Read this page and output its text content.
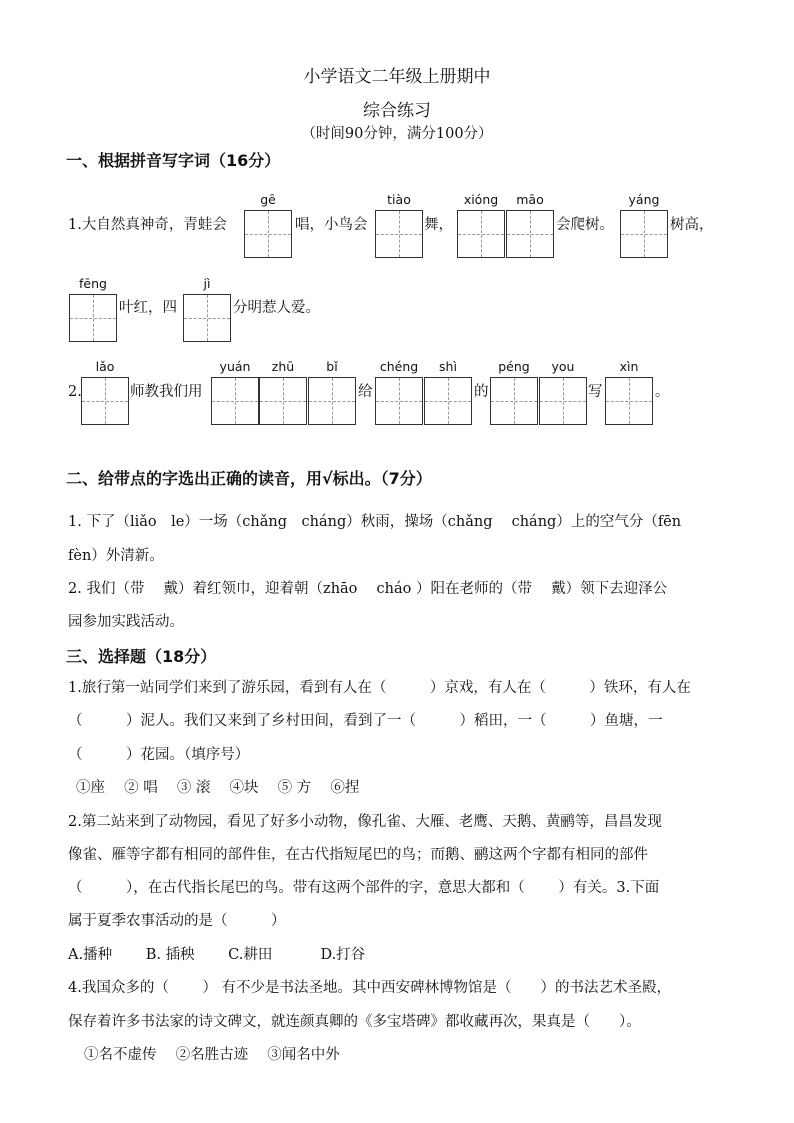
小学语文二年级上册期中
综合练习
（时间90分钟，满分100分）
一、根据拼音写字词（16分）
1.大自然真神奇，青蛙会
gē
唱，小鸟会
tiào
舞，
xióng	māo
会爬树。
yáng
树高，
fēng
叶红，四
jì
分明惹人爱。
2.
lǎo
师教我们用
yuán	zhū	bǐ
给
chéng	shì
的
péng	you
写
xìn
。
二、给带点的字选出正确的读音，用√标出。（7分）
1. 下了（liǎo　le）一场（chǎng　cháng）秋雨，操场（chǎng　 cháng）上的空气分（fēn
fèn）外清新。
2. 我们（带　 戴）着红领巾，迎着朝（zhāo　 cháo ）阳在老师的（带　 戴）领下去迎泽公
园参加实践活动。
三、选择题（18分）
1.旅行第一站同学们来到了游乐园，看到有人在（　　　）京戏，有人在（　　　）铁环，有人在
（　　　）泥人。我们又来到了乡村田间，看到了一（　　　）稻田，一（　　　）鱼塘，一
（　　　）花园。（填序号）
①座　 ② 唱　 ③ 滚　 ④块　 ⑤ 方　 ⑥捏
2.第二站来到了动物园，看见了好多小动物，像孔雀、大雁、老鹰、天鹅、黄鹂等，昌昌发现
像雀、雁等字都有相同的部件隹，在古代指短尾巴的鸟；而鹅、鹂这两个字都有相同的部件
（　　　），在古代指长尾巴的鸟。带有这两个部件的字，意思大都和（　　 ）有关。3.下面
属于夏季农事活动的是（　　　）
A.播种　　 B. 插秧　　 C.耕田　　　 D.打谷
4.我国众多的（　　 ） 有不少是书法圣地。其中西安碑林博物馆是（　　）的书法艺术圣殿，
保存着许多书法家的诗文碑文，就连颜真卿的《多宝塔碑》都收藏再次，果真是（　　）。
①名不虚传　 ②名胜古迹　 ③闻名中外
